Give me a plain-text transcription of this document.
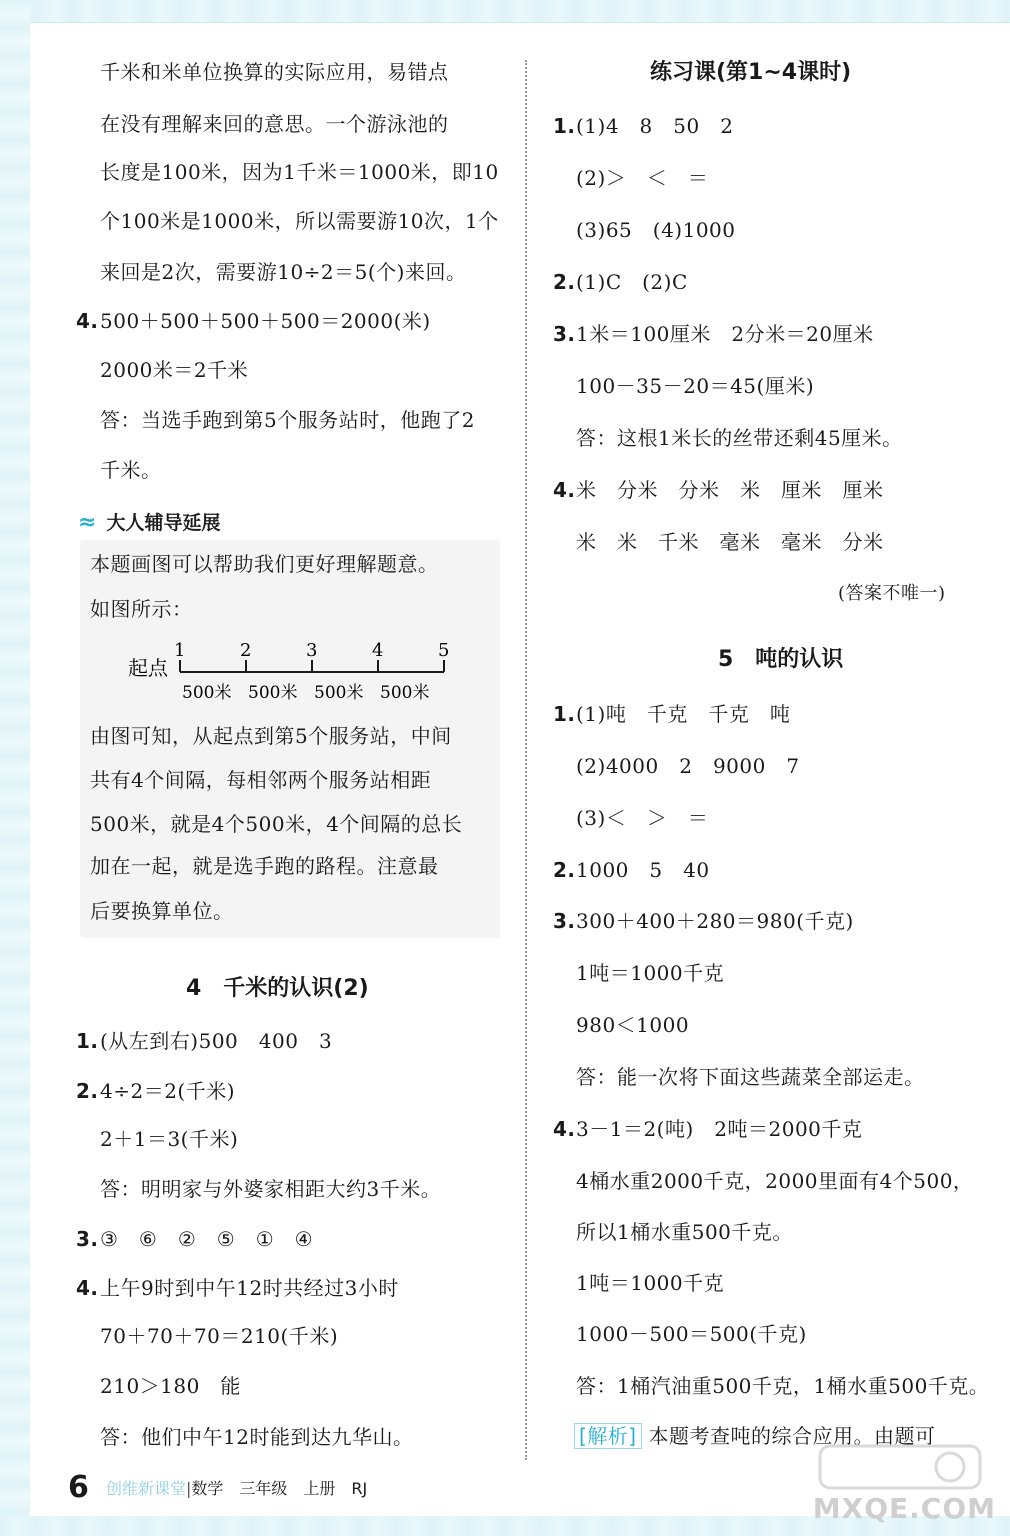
千米和米单位换算的实际应用，易错点
在没有理解来回的意思。一个游泳池的
长度是100米，因为1千米＝1000米，即10
个100米是1000米，所以需要游10次，1个
来回是2次，需要游10÷2＝5(个)来回。
4. 500＋500＋500＋500＝2000(米)
2000米＝2千米
答：当选手跑到第5个服务站时，他跑了2
千米。
≈ 大人辅导延展
本题画图可以帮助我们更好理解题意。
如图所示：
起点
1	2	3	4	5
500米 500米 500米 500米
由图可知，从起点到第5个服务站，中间
共有4个间隔，每相邻两个服务站相距
500米，就是4个500米，4个间隔的总长
加在一起，就是选手跑的路程。注意最
后要换算单位。
4　千米的认识(2)
1. (从左到右)500　400　3
2. 4÷2＝2(千米)
2＋1＝3(千米)
答：明明家与外婆家相距大约3千米。
3. ③　⑥　②　⑤　①　④
4. 上午9时到中午12时共经过3小时
70＋70＋70＝210(千米)
210＞180　能
答：他们中午12时能到达九华山。
练习课(第1~4课时)
1. (1)4　8　50　2
(2)＞　＜　＝
(3)65　(4)1000
2. (1)C　(2)C
3. 1米＝100厘米　2分米＝20厘米
100－35－20＝45(厘米)
答：这根1米长的丝带还剩45厘米。
4. 米　分米　分米　米　厘米　厘米
米　米　千米　毫米　毫米　分米
(答案不唯一)
5　吨的认识
1. (1)吨　千克　千克　吨
(2)4000　2　9000　7
(3)＜　＞　＝
2. 1000　5　40
3. 300＋400＋280＝980(千克)
1吨＝1000千克
980＜1000
答：能一次将下面这些蔬菜全部运走。
4. 3－1＝2(吨)　2吨＝2000千克
4桶水重2000千克，2000里面有4个500，
所以1桶水重500千克。
1吨＝1000千克
1000－500＝500(千克)
答：1桶汽油重500千克，1桶水重500千克。
[解析] 本题考查吨的综合应用。由题可
6 创维新课堂|数学　三年级　上册　RJ
MXQE.COM
